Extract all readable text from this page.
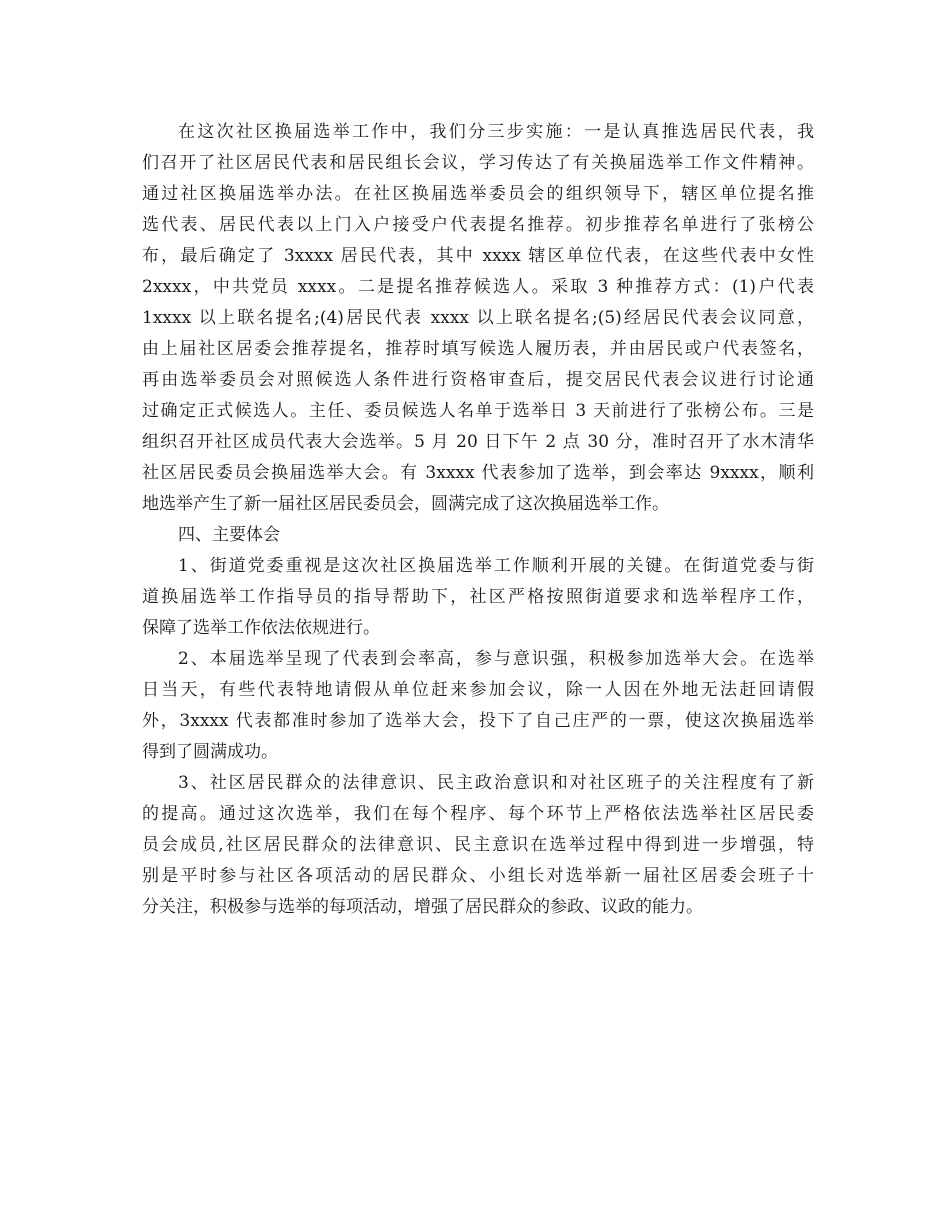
在这次社区换届选举工作中，我们分三步实施：一是认真推选居民代表，我
们召开了社区居民代表和居民组长会议，学习传达了有关换届选举工作文件精神。
通过社区换届选举办法。在社区换届选举委员会的组织领导下，辖区单位提名推
选代表、居民代表以上门入户接受户代表提名推荐。初步推荐名单进行了张榜公
布，最后确定了 3xxxx 居民代表，其中 xxxx 辖区单位代表，在这些代表中女性
2xxxx，中共党员 xxxx。二是提名推荐候选人。采取 3 种推荐方式：(1)户代表
1xxxx 以上联名提名;(4)居民代表 xxxx 以上联名提名;(5)经居民代表会议同意，
由上届社区居委会推荐提名，推荐时填写候选人履历表，并由居民或户代表签名，
再由选举委员会对照候选人条件进行资格审查后，提交居民代表会议进行讨论通
过确定正式候选人。主任、委员候选人名单于选举日 3 天前进行了张榜公布。三是
组织召开社区成员代表大会选举。5 月 20 日下午 2 点 30 分，准时召开了水木清华
社区居民委员会换届选举大会。有 3xxxx 代表参加了选举，到会率达 9xxxx，顺利
地选举产生了新一届社区居民委员会，圆满完成了这次换届选举工作。
四、主要体会
1、街道党委重视是这次社区换届选举工作顺利开展的关键。在街道党委与街
道换届选举工作指导员的指导帮助下，社区严格按照街道要求和选举程序工作，
保障了选举工作依法依规进行。
2、本届选举呈现了代表到会率高，参与意识强，积极参加选举大会。在选举
日当天，有些代表特地请假从单位赶来参加会议，除一人因在外地无法赶回请假
外，3xxxx 代表都准时参加了选举大会，投下了自己庄严的一票，使这次换届选举
得到了圆满成功。
3、社区居民群众的法律意识、民主政治意识和对社区班子的关注程度有了新
的提高。通过这次选举，我们在每个程序、每个环节上严格依法选举社区居民委
员会成员,社区居民群众的法律意识、民主意识在选举过程中得到进一步增强，特
别是平时参与社区各项活动的居民群众、小组长对选举新一届社区居委会班子十
分关注，积极参与选举的每项活动，增强了居民群众的参政、议政的能力。
